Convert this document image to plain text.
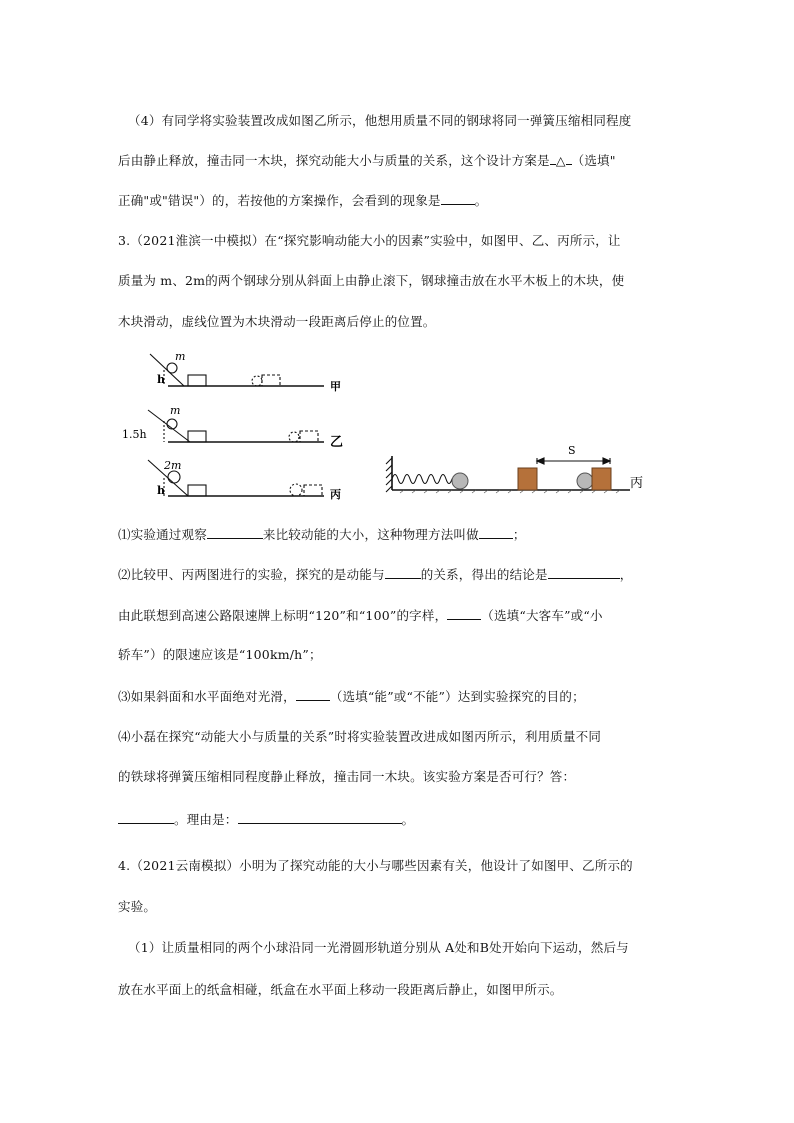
（4）有同学将实验装置改成如图乙所示，他想用质量不同的钢球将同一弹簧压缩相同程度
后由静止释放，撞击同一木块，探究动能大小与质量的关系，这个设计方案是 △ （选填"
正确"或"错误"）的，若按他的方案操作，会看到的现象是	。
3.（2021淮滨一中模拟）在“探究影响动能大小的因素”实验中，如图甲、乙、丙所示，让
质量为 m、2m的两个钢球分别从斜面上由静止滚下，钢球撞击放在水平木板上的木块，使
木块滑动，虚线位置为木块滑动一段距离后停止的位置。
m
h
甲
m
1.5h
乙
2m
h	丙
S
丙
⑴实验通过观察	来比较动能的大小，这种物理方法叫做	；
⑵比较甲、丙两图进行的实验，探究的是动能与	的关系，得出的结论是	，
由此联想到高速公路限速牌上标明“120”和“100”的字样，	（选填“大客车”或“小
轿车”）的限速应该是“100km/h”；
⑶如果斜面和水平面绝对光滑，	（选填“能”或“不能”）达到实验探究的目的；
⑷小磊在探究“动能大小与质量的关系”时将实验装置改进成如图丙所示，利用质量不同
的铁球将弹簧压缩相同程度静止释放，撞击同一木块。该实验方案是否可行？答：
。理由是：	。
4.（2021云南模拟）小明为了探究动能的大小与哪些因素有关，他设计了如图甲、乙所示的
实验。
（1）让质量相同的两个小球沿同一光滑圆形轨道分别从 A处和B处开始向下运动，然后与
放在水平面上的纸盒相碰，纸盒在水平面上移动一段距离后静止，如图甲所示。
